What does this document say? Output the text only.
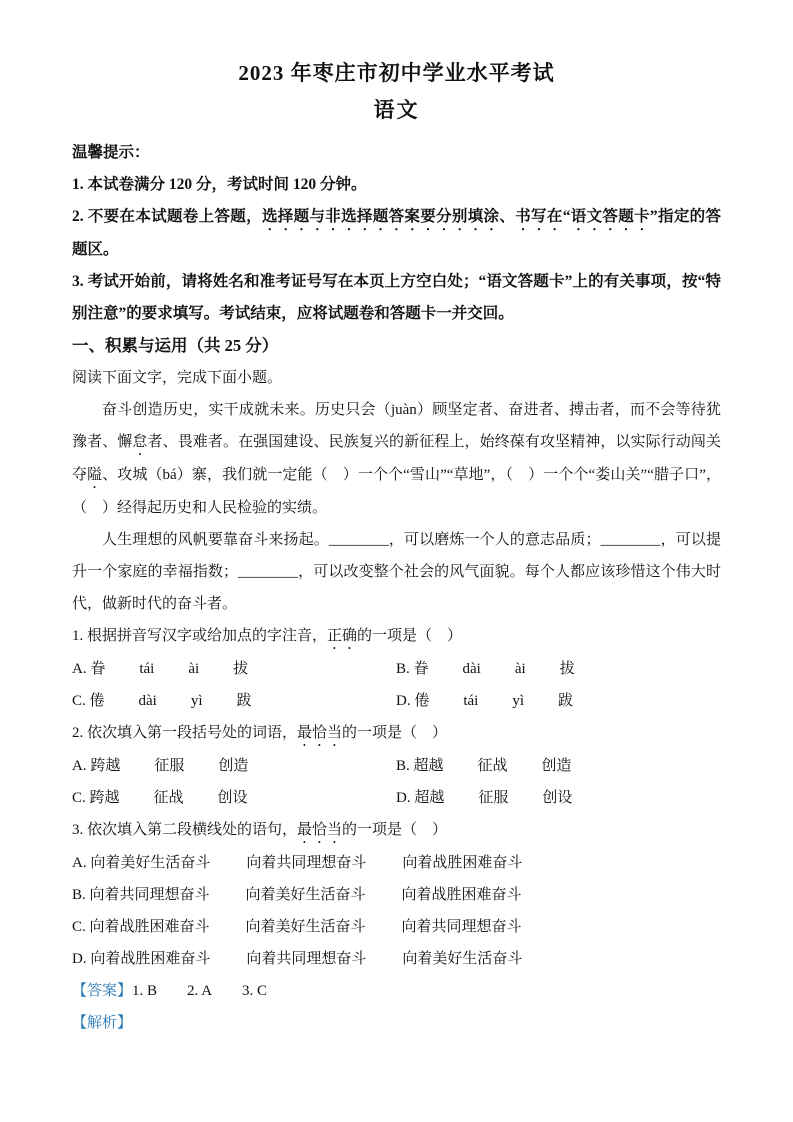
2023 年枣庄市初中学业水平考试
语文
温馨提示：
1. 本试卷满分 120 分，考试时间 120 分钟。
2. 不要在本试题卷上答题，选择题与非选择题答案要分别填涂、书写在“语文答题卡”指定的答题区。
3. 考试开始前，请将姓名和准考证号写在本页上方空白处；“语文答题卡”上的有关事项，按“特别注意”的要求填写。考试结束，应将试题卷和答题卡一并交回。
一、积累与运用（共 25 分）
阅读下面文字，完成下面小题。
奋斗创造历史，实干成就未来。历史只会（juàn）顾坚定者、奋进者、搏击者，而不会等待犹豫者、懈怠者、畏难者。在强国建设、民族复兴的新征程上，始终葆有攻坚精神，以实际行动闯关夺隘、攻城（bá）寨，我们就一定能（　）一个个“雪山”“草地”，（　）一个个“娄山关”“腊子口”，（　）经得起历史和人民检验的实绩。
人生理想的风帆要靠奋斗来扬起。________，可以磨炼一个人的意志品质；________，可以提升一个家庭的幸福指数；________，可以改变整个社会的风气面貌。每个人都应该珍惜这个伟大时代，做新时代的奋斗者。
1. 根据拼音写汉字或给加点的字注音，正确的一项是（　）
A. 眷 tái ài 拔	B. 眷 dài ài 拔
C. 倦 dài yì 跋	D. 倦 tái yì 跋
2. 依次填入第一段括号处的词语，最恰当的一项是（　）
A. 跨越 征服 创造	B. 超越 征战 创造
C. 跨越 征战 创设	D. 超越 征服 创设
3. 依次填入第二段横线处的语句，最恰当的一项是（　）
A. 向着美好生活奋斗 向着共同理想奋斗 向着战胜困难奋斗
B. 向着共同理想奋斗 向着美好生活奋斗 向着战胜困难奋斗
C. 向着战胜困难奋斗 向着美好生活奋斗 向着共同理想奋斗
D. 向着战胜困难奋斗 向着共同理想奋斗 向着美好生活奋斗
【答案】1. B 2. A 3. C
【解析】
